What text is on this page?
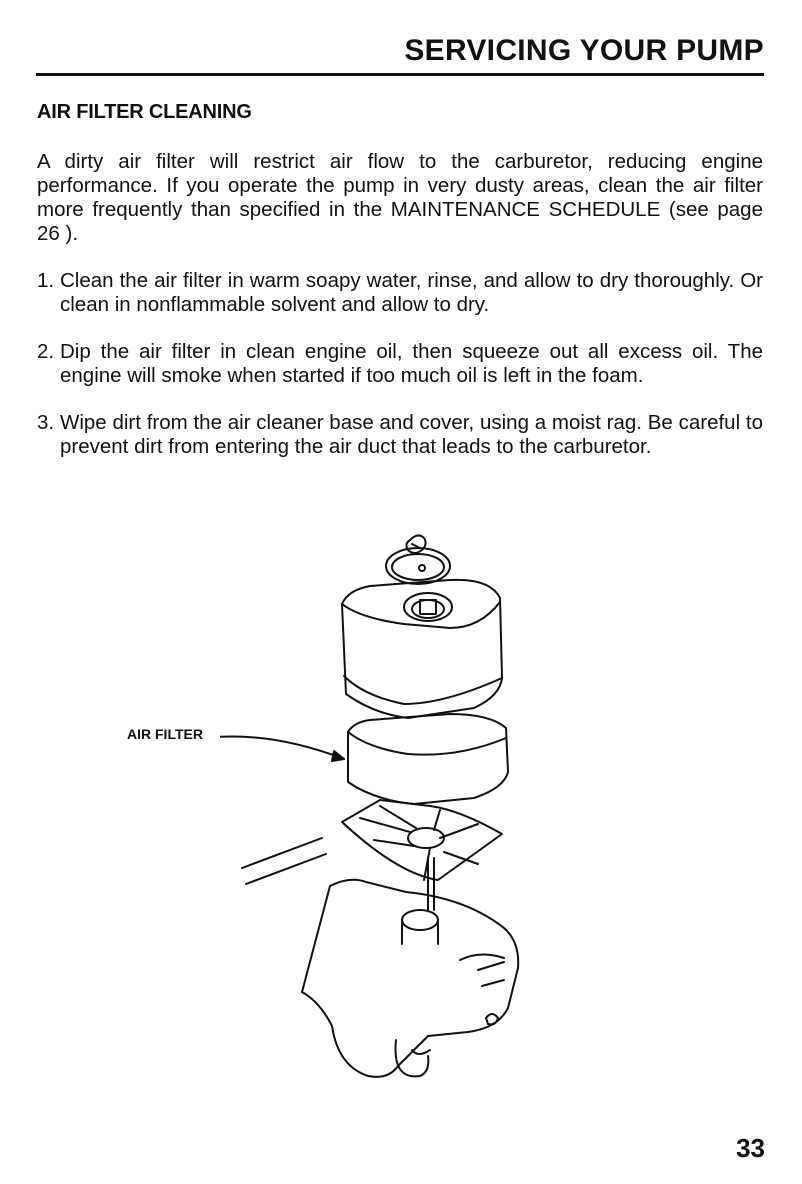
SERVICING YOUR PUMP
AIR FILTER CLEANING
A dirty air filter will restrict air flow to the carburetor, reducing engine performance. If you operate the pump in very dusty areas, clean the air filter more frequently than specified in the MAINTENANCE SCHEDULE (see page 26 ).
1. Clean the air filter in warm soapy water, rinse, and allow to dry thoroughly. Or clean in nonflammable solvent and allow to dry.
2. Dip the air filter in clean engine oil, then squeeze out all excess oil. The engine will smoke when started if too much oil is left in the foam.
3. Wipe dirt from the air cleaner base and cover, using a moist rag. Be careful to prevent dirt from entering the air duct that leads to the carburetor.
AIR FILTER
33
